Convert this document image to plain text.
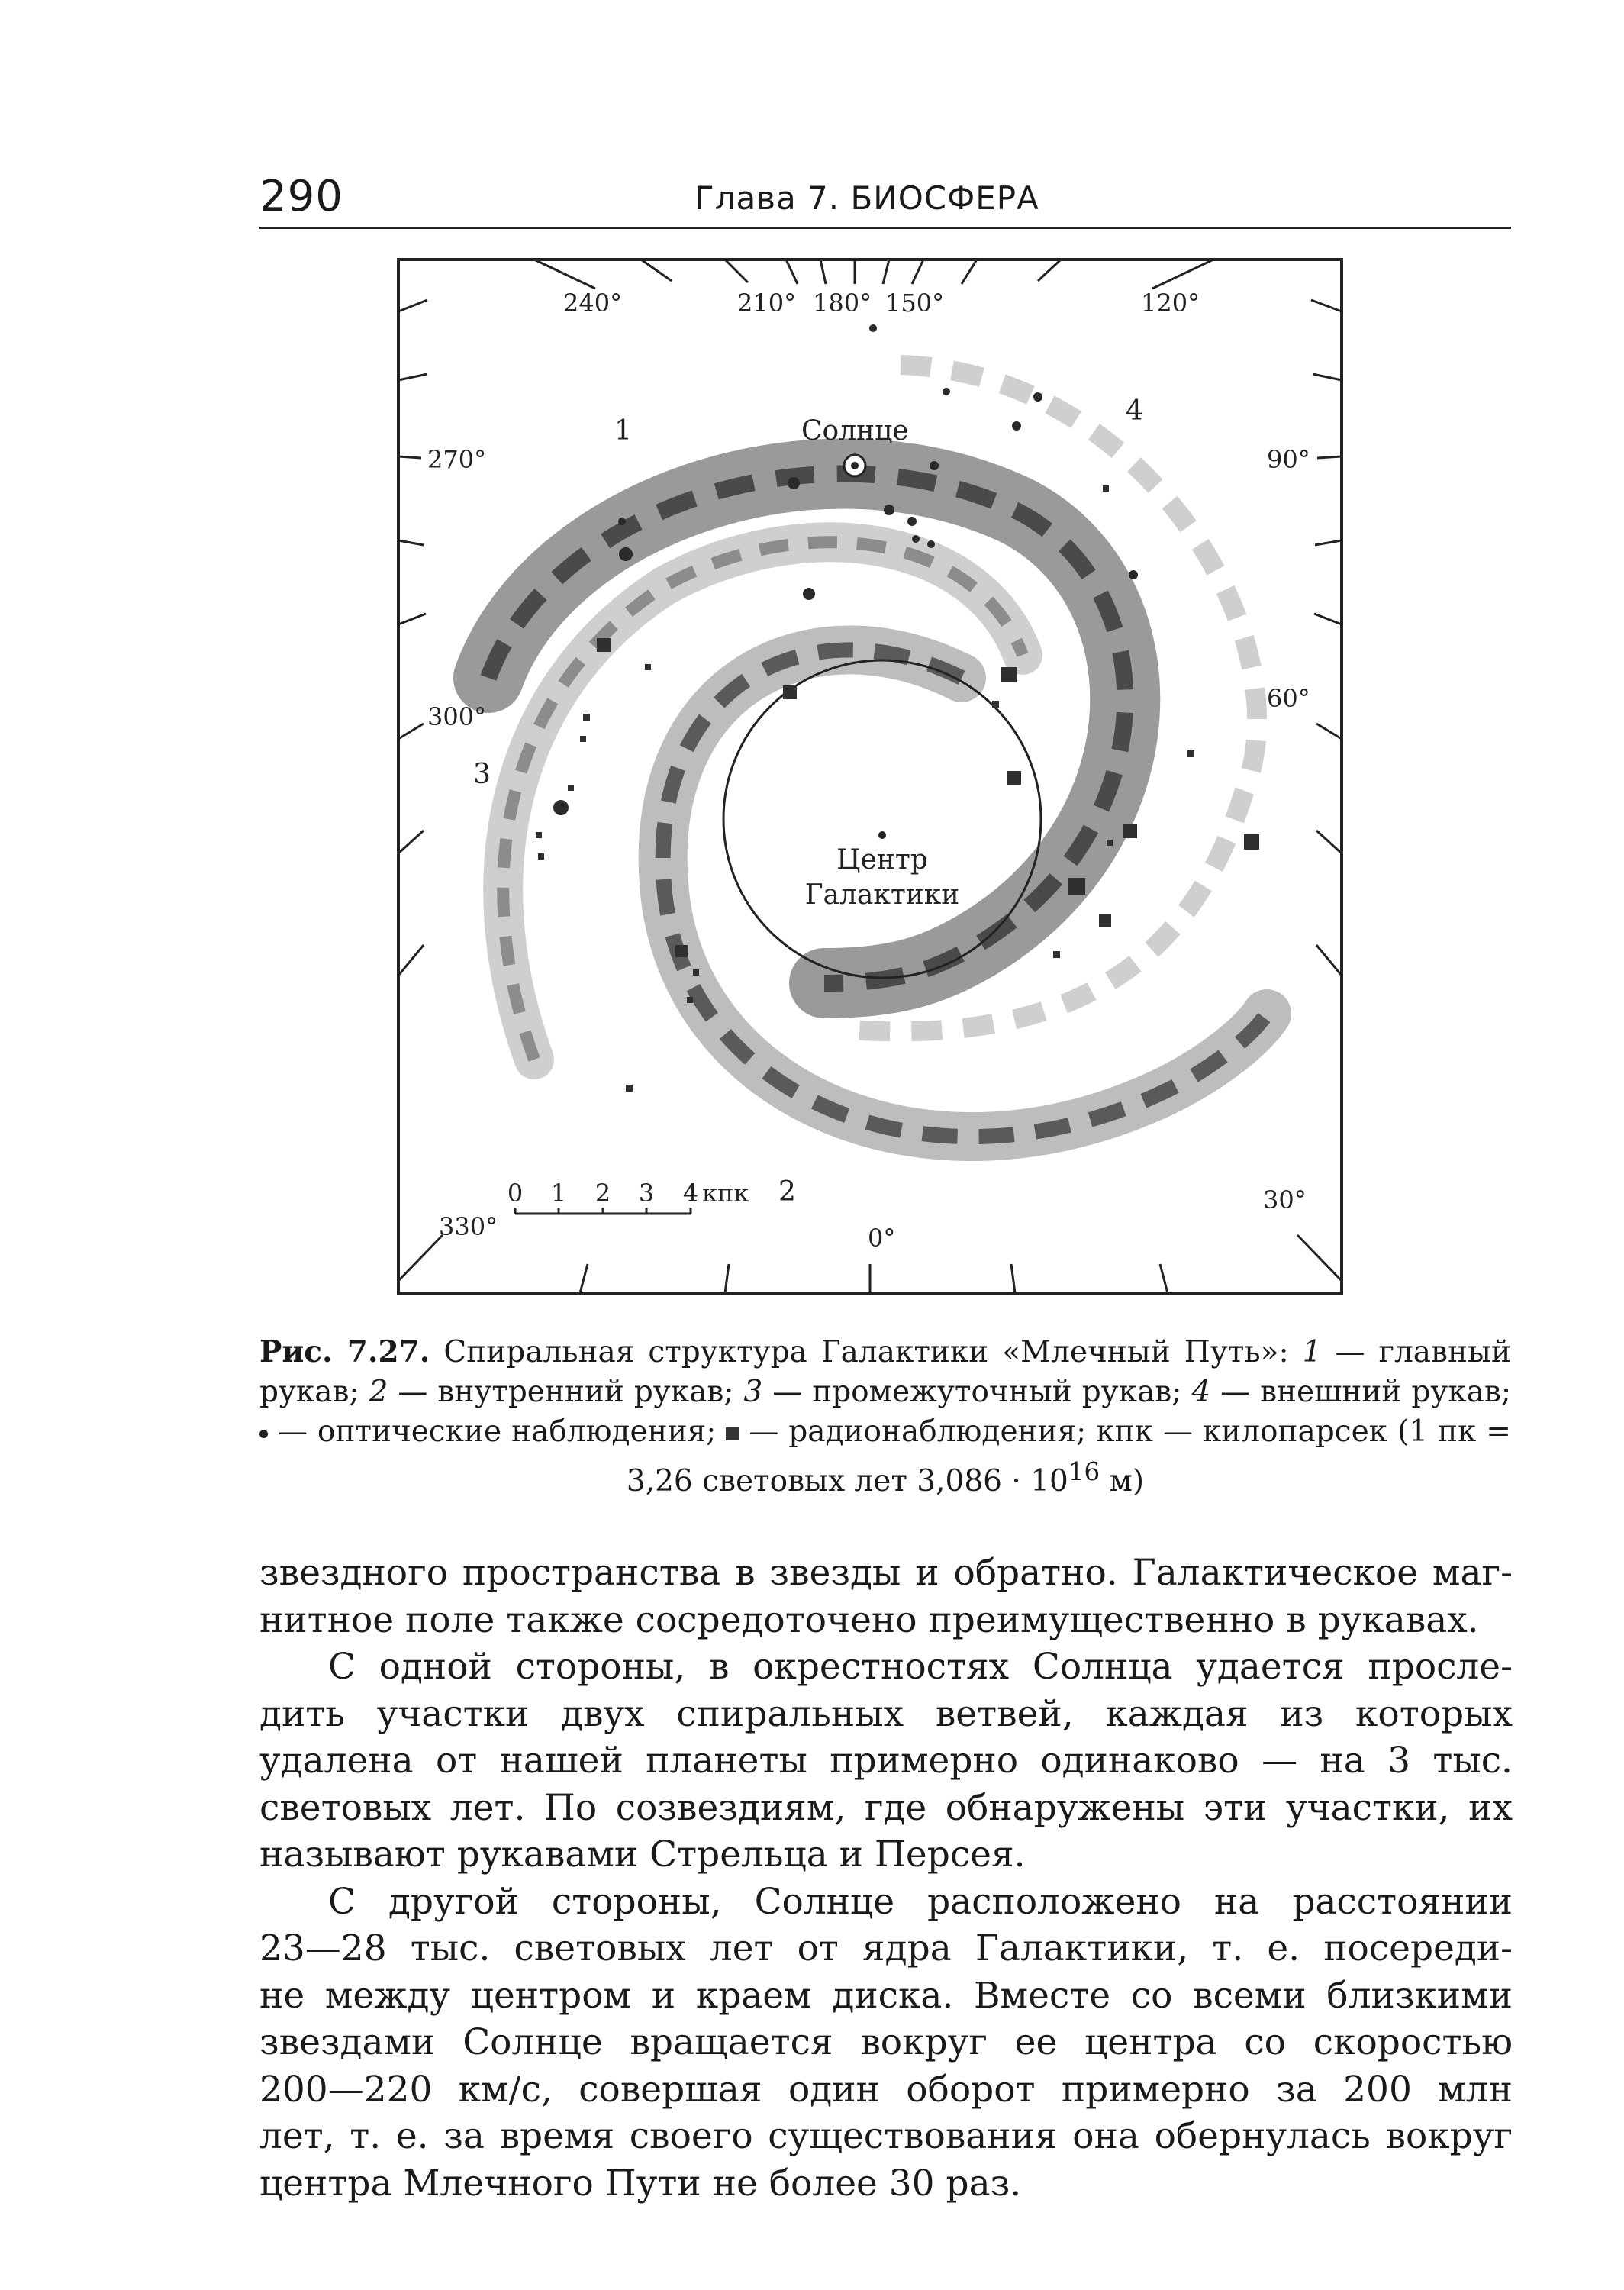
290	Глава 7. БИОСФЕРА
240°	210° 180° 150°	120°
270°	90°
300°
60°
330°
30°
0°
1
2
3
4
Солнце
Центр
Галактики
0 1 2 3 4 кпк
Рис. 7.27. Спиральная структура Галактики «Млечный Путь»: 1 — главный рукав; 2 — внутренний рукав; 3 — промежуточный рукав; 4 — внешний рукав;  — оптические наблюдения; — радионаблюдения; кпк — килопарсек (1 пк = 3,26 световых лет $3,086 \cdot 10^{16}$ м)

звездного пространства в звезды и обратно. Галактическое маг-

нитное поле также сосредоточено преимущественно в рукавах.

С одной стороны, в окрестностях Солнца удается просле-

дить участки двух спиральных ветвей, каждая из которых

удалена от нашей планеты примерно одинаково — на 3 тыс.

световых лет. По созвездиям, где обнаружены эти участки, их

называют рукавами Стрельца и Персея.

С другой стороны, Солнце расположено на расстоянии

23—28 тыс. световых лет от ядра Галактики, т. е. посереди-

не между центром и краем диска. Вместе со всеми близкими

звездами Солнце вращается вокруг ее центра со скоростью

200—220 км/с, совершая один оборот примерно за 200 млн

лет, т. е. за время своего существования она обернулась вокруг

центра Млечного Пути не более 30 раз.
